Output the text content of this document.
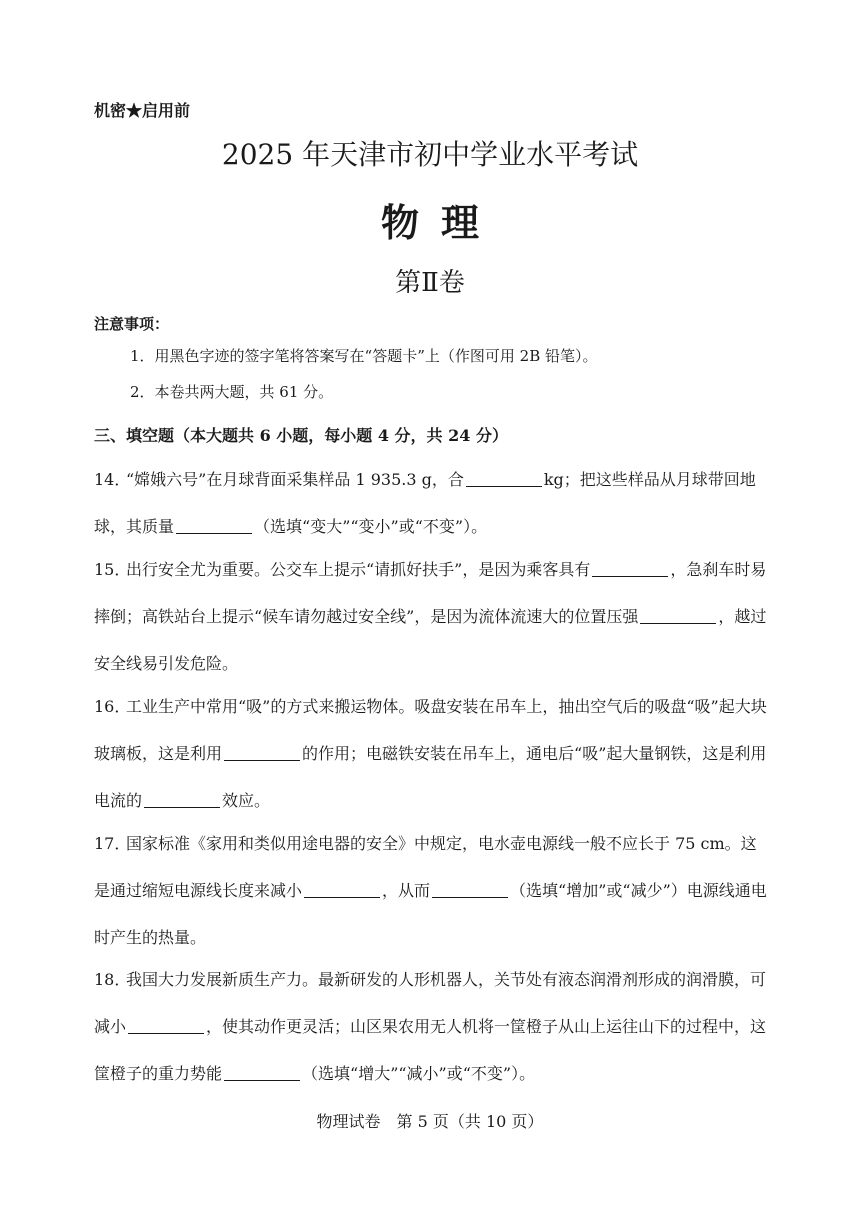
机密★启用前
2025 年天津市初中学业水平考试
物理
第Ⅱ卷
注意事项：
1．用黑色字迹的签字笔将答案写在“答题卡”上（作图可用 2B 铅笔）。
2．本卷共两大题，共 61 分。
三、填空题（本大题共 6 小题，每小题 4 分，共 24 分）
14．“嫦娥六号”在月球背面采集样品 1 935.3 g，合	kg；把这些样品从月球带回地球，其质量	（选填“变大”“变小”或“不变”）。
15．出行安全尤为重要。公交车上提示“请抓好扶手”，是因为乘客具有	，急刹车时易摔倒；高铁站台上提示“候车请勿越过安全线”，是因为流体流速大的位置压强	，越过安全线易引发危险。
16．工业生产中常用“吸”的方式来搬运物体。吸盘安装在吊车上，抽出空气后的吸盘“吸”起大块玻璃板，这是利用	的作用；电磁铁安装在吊车上，通电后“吸”起大量钢铁，这是利用电流的	效应。
17．国家标准《家用和类似用途电器的安全》中规定，电水壶电源线一般不应长于 75 cm。这是通过缩短电源线长度来减小	，从而	（选填“增加”或“减少”）电源线通电时产生的热量。
18．我国大力发展新质生产力。最新研发的人形机器人，关节处有液态润滑剂形成的润滑膜，可减小	，使其动作更灵活；山区果农用无人机将一筐橙子从山上运往山下的过程中，这筐橙子的重力势能	（选填“增大”“减小”或“不变”）。
物理试卷　第 5 页（共 10 页）
